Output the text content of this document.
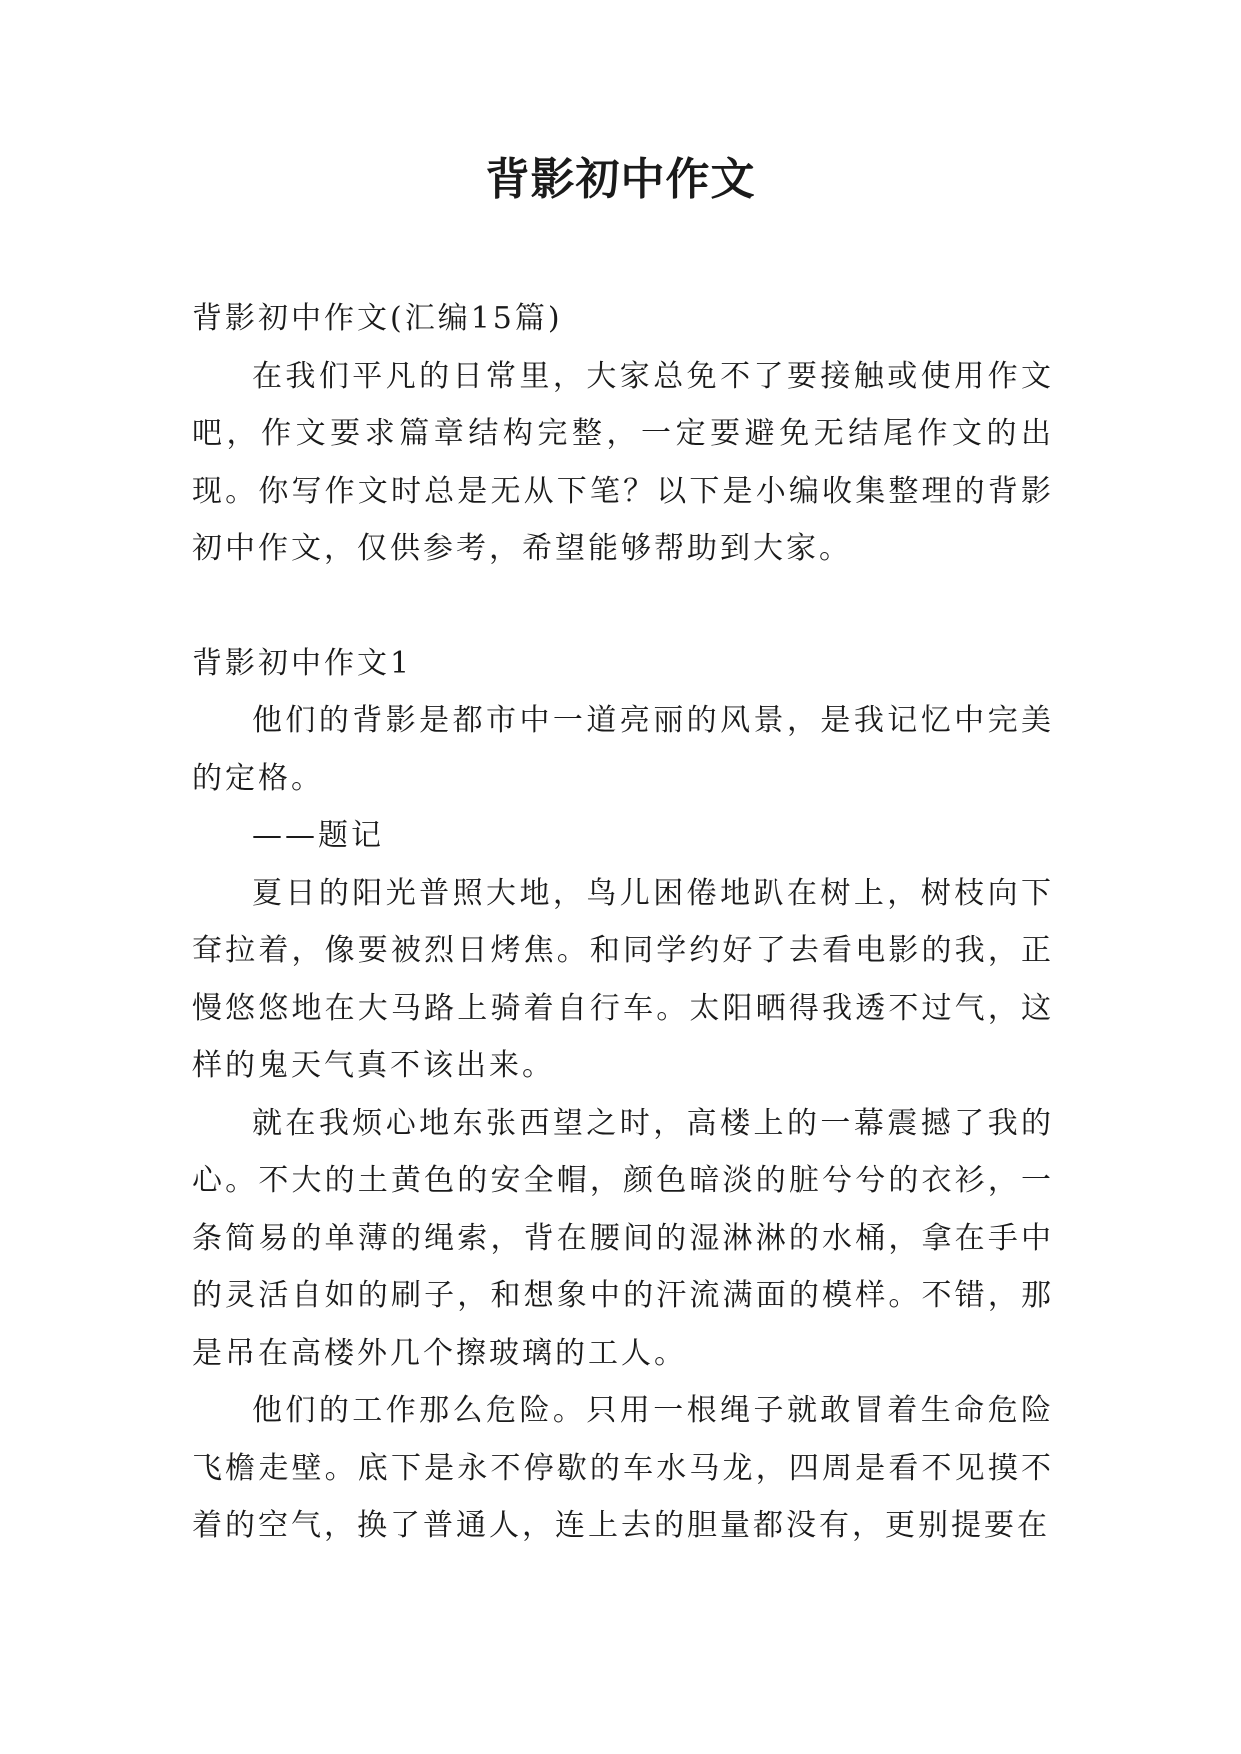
背影初中作文

背影初中作文(汇编15篇)

在我们平凡的日常里，大家总免不了要接触或使用作文吧，作文要求篇章结构完整，一定要避免无结尾作文的出现。你写作文时总是无从下笔？以下是小编收集整理的背影初中作文，仅供参考，希望能够帮助到大家。

背影初中作文1

他们的背影是都市中一道亮丽的风景，是我记忆中完美的定格。

——题记

夏日的阳光普照大地，鸟儿困倦地趴在树上，树枝向下耷拉着，像要被烈日烤焦。和同学约好了去看电影的我，正慢悠悠地在大马路上骑着自行车。太阳晒得我透不过气，这样的鬼天气真不该出来。

就在我烦心地东张西望之时，高楼上的一幕震撼了我的心。不大的土黄色的安全帽，颜色暗淡的脏兮兮的衣衫，一条简易的单薄的绳索，背在腰间的湿淋淋的水桶，拿在手中的灵活自如的刷子，和想象中的汗流满面的模样。不错，那是吊在高楼外几个擦玻璃的工人。

他们的工作那么危险。只用一根绳子就敢冒着生命危险飞檐走壁。底下是永不停歇的车水马龙，四周是看不见摸不着的空气，换了普通人，连上去的胆量都没有，更别提要在
